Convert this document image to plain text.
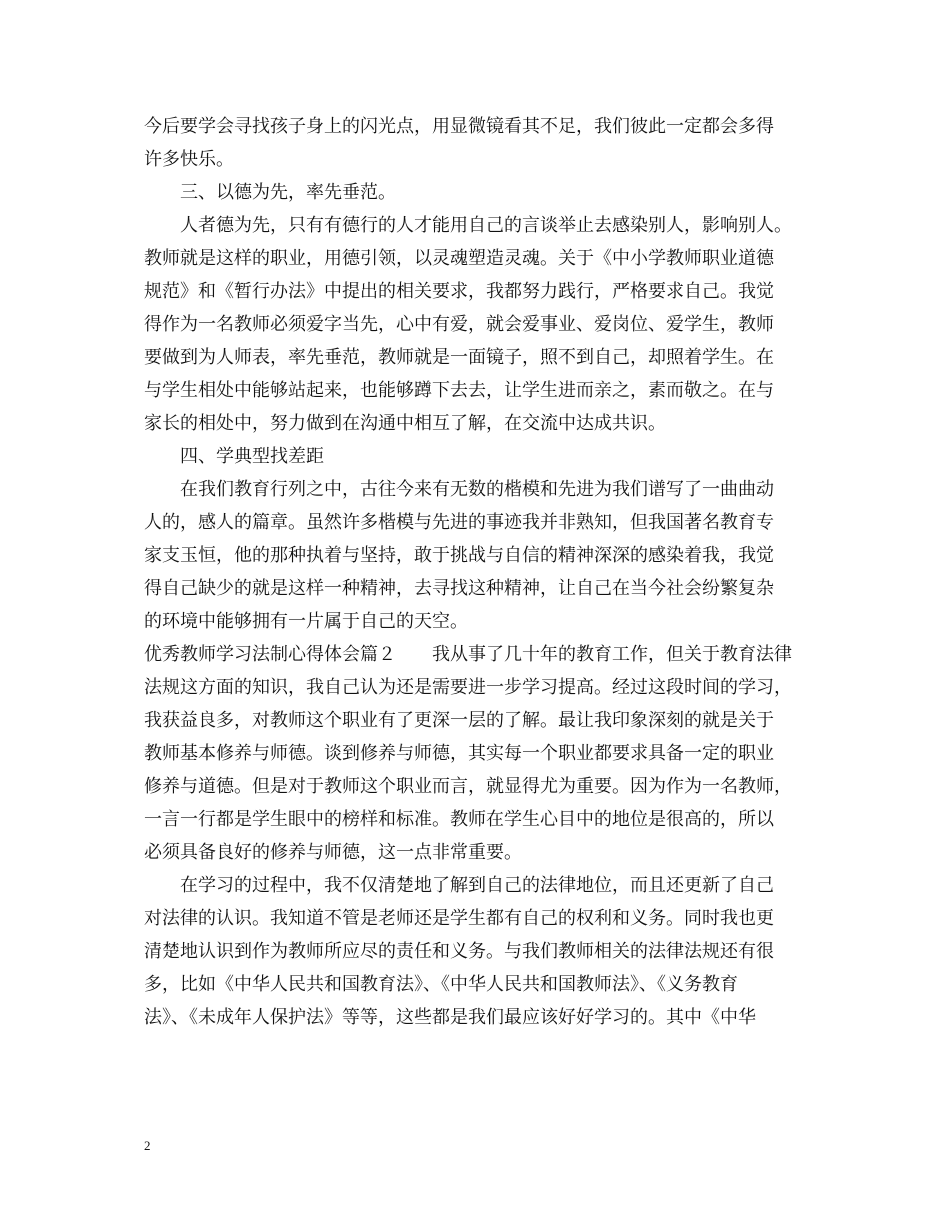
今后要学会寻找孩子身上的闪光点，用显微镜看其不足，我们彼此一定都会多得
许多快乐。
三、以德为先，率先垂范。
人者德为先，只有有德行的人才能用自己的言谈举止去感染别人，影响别人。
教师就是这样的职业，用德引领，以灵魂塑造灵魂。关于《中小学教师职业道德
规范》和《暂行办法》中提出的相关要求，我都努力践行，严格要求自己。我觉
得作为一名教师必须爱字当先，心中有爱，就会爱事业、爱岗位、爱学生，教师
要做到为人师表，率先垂范，教师就是一面镜子，照不到自己，却照着学生。在
与学生相处中能够站起来，也能够蹲下去去，让学生进而亲之，素而敬之。在与
家长的相处中，努力做到在沟通中相互了解，在交流中达成共识。
四、学典型找差距
在我们教育行列之中，古往今来有无数的楷模和先进为我们谱写了一曲曲动
人的，感人的篇章。虽然许多楷模与先进的事迹我并非熟知，但我国著名教育专
家支玉恒，他的那种执着与坚持，敢于挑战与自信的精神深深的感染着我，我觉
得自己缺少的就是这样一种精神，去寻找这种精神，让自己在当今社会纷繁复杂
的环境中能够拥有一片属于自己的天空。
优秀教师学习法制心得体会篇２　　我从事了几十年的教育工作，但关于教育法律
法规这方面的知识，我自己认为还是需要进一步学习提高。经过这段时间的学习，
我获益良多，对教师这个职业有了更深一层的了解。最让我印象深刻的就是关于
教师基本修养与师德。谈到修养与师德，其实每一个职业都要求具备一定的职业
修养与道德。但是对于教师这个职业而言，就显得尤为重要。因为作为一名教师，
一言一行都是学生眼中的榜样和标准。教师在学生心目中的地位是很高的，所以
必须具备良好的修养与师德，这一点非常重要。
在学习的过程中，我不仅清楚地了解到自己的法律地位，而且还更新了自己
对法律的认识。我知道不管是老师还是学生都有自己的权利和义务。同时我也更
清楚地认识到作为教师所应尽的责任和义务。与我们教师相关的法律法规还有很
多，比如《中华人民共和国教育法》、《中华人民共和国教师法》、《义务教育
法》、《未成年人保护法》等等，这些都是我们最应该好好学习的。其中《中华
2
